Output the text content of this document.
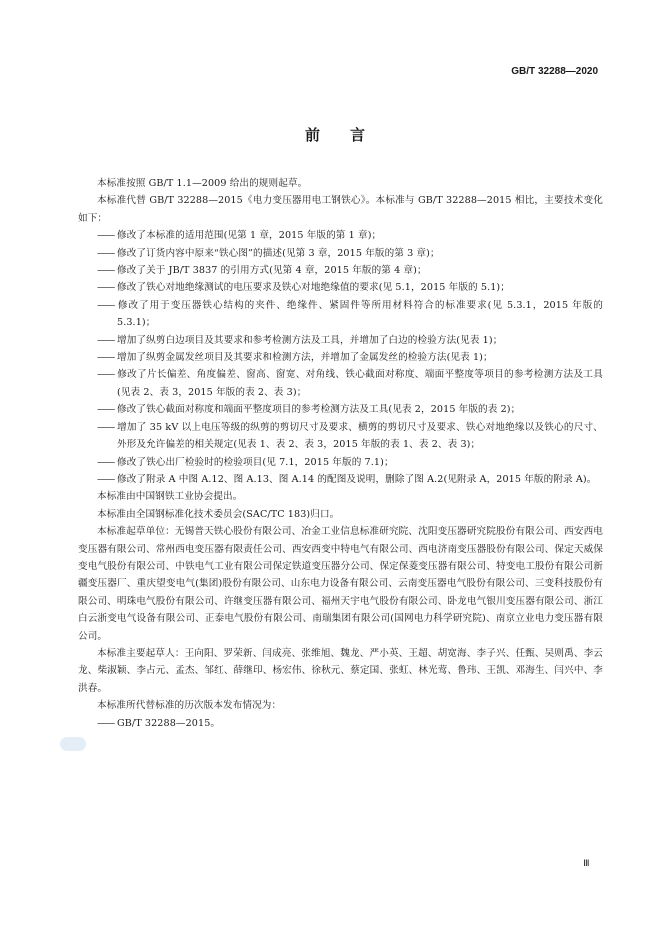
GB/T 32288—2020
前言

本标准按照 GB/T 1.1—2009 给出的规则起草。

本标准代替 GB/T 32288—2015《电力变压器用电工钢铁心》。本标准与 GB/T 32288—2015 相比，主要技术变化如下：

—— 修改了本标准的适用范围(见第 1 章，2015 年版的第 1 章)；

—— 修改了订货内容中原来“铁心图”的描述(见第 3 章，2015 年版的第 3 章)；

—— 修改了关于 JB/T 3837 的引用方式(见第 4 章，2015 年版的第 4 章)；

—— 修改了铁心对地绝缘测试的电压要求及铁心对地绝缘值的要求(见 5.1，2015 年版的 5.1)；

—— 修改了用于变压器铁心结构的夹件、绝缘件、紧固件等所用材料符合的标准要求(见 5.3.1，2015 年版的 5.3.1)；

—— 增加了纵剪白边项目及其要求和参考检测方法及工具，并增加了白边的检验方法(见表 1)；

—— 增加了纵剪金属发丝项目及其要求和检测方法，并增加了金属发丝的检验方法(见表 1)；

—— 修改了片长偏差、角度偏差、窗高、窗宽、对角线、铁心截面对称度、端面平整度等项目的参考检测方法及工具(见表 2、表 3，2015 年版的表 2、表 3)；

—— 修改了铁心截面对称度和端面平整度项目的参考检测方法及工具(见表 2，2015 年版的表 2)；

—— 增加了 35 kV 以上电压等级的纵剪的剪切尺寸及要求、横剪的剪切尺寸及要求、铁心对地绝缘以及铁心的尺寸、外形及允许偏差的相关规定(见表 1、表 2、表 3，2015 年版的表 1、表 2、表 3)；

—— 修改了铁心出厂检验时的检验项目(见 7.1，2015 年版的 7.1)；

—— 修改了附录 A 中图 A.12、图 A.13、图 A.14 的配图及说明，删除了图 A.2(见附录 A，2015 年版的附录 A)。

本标准由中国钢铁工业协会提出。

本标准由全国钢标准化技术委员会(SAC/TC 183)归口。

本标准起草单位：无锡普天铁心股份有限公司、冶金工业信息标准研究院、沈阳变压器研究院股份有限公司、西安西电变压器有限公司、常州西电变压器有限责任公司、西安西变中特电气有限公司、西电济南变压器股份有限公司、保定天威保变电气股份有限公司、中铁电气工业有限公司保定铁道变压器分公司、保定保菱变压器有限公司、特变电工股份有限公司新疆变压器厂、重庆望变电气(集团)股份有限公司、山东电力设备有限公司、云南变压器电气股份有限公司、三变科技股份有限公司、明珠电气股份有限公司、许继变压器有限公司、福州天宇电气股份有限公司、卧龙电气银川变压器有限公司、浙江白云浙变电气设备有限公司、正泰电气股份有限公司、南瑞集团有限公司(国网电力科学研究院)、南京立业电力变压器有限公司。

本标准主要起草人：王向阳、罗荣新、闫成亮、张维旭、魏龙、严小英、王超、胡宽海、李子兴、任甄、吴则禹、李云龙、柴淑颖、李占元、孟杰、邹红、薛继印、杨宏伟、徐秋元、蔡定国、张虹、林光莺、鲁玮、王凯、邓海生、闫兴中、李洪春。

本标准所代替标准的历次版本发布情况为：

—— GB/T 32288—2015。

Ⅲ
